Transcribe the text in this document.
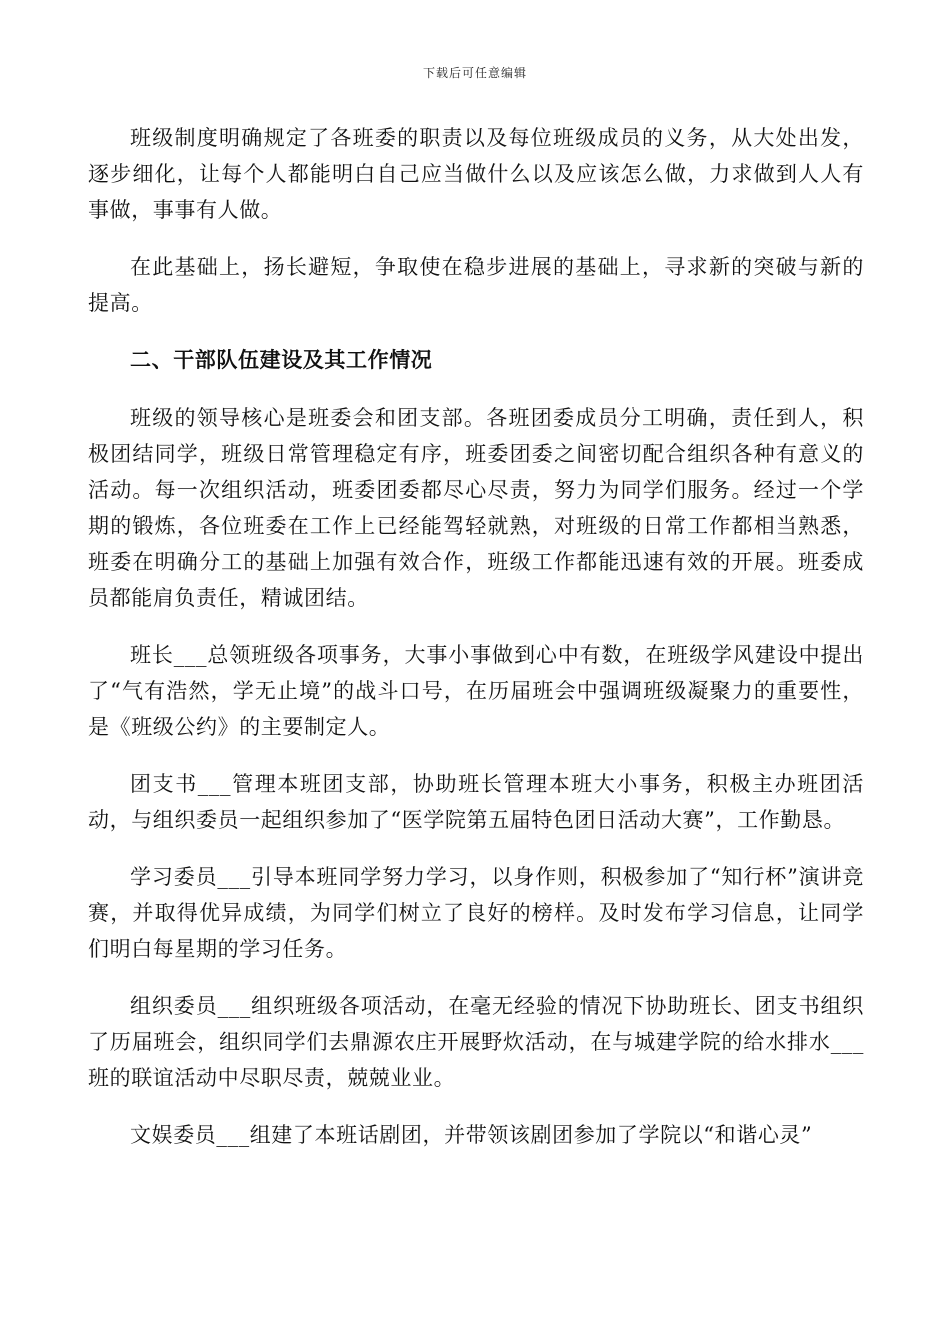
下载后可任意编辑

班级制度明确规定了各班委的职责以及每位班级成员的义务，从大处出发，逐步细化，让每个人都能明白自己应当做什么以及应该怎么做，力求做到人人有事做，事事有人做。

在此基础上，扬长避短，争取使在稳步进展的基础上，寻求新的突破与新的提高。

二、干部队伍建设及其工作情况

班级的领导核心是班委会和团支部。各班团委成员分工明确，责任到人，积极团结同学，班级日常管理稳定有序，班委团委之间密切配合组织各种有意义的活动。每一次组织活动，班委团委都尽心尽责，努力为同学们服务。经过一个学期的锻炼，各位班委在工作上已经能驾轻就熟，对班级的日常工作都相当熟悉，班委在明确分工的基础上加强有效合作，班级工作都能迅速有效的开展。班委成员都能肩负责任，精诚团结。

班长___总领班级各项事务，大事小事做到心中有数，在班级学风建设中提出了“气有浩然，学无止境”的战斗口号，在历届班会中强调班级凝聚力的重要性，是《班级公约》的主要制定人。

团支书___管理本班团支部，协助班长管理本班大小事务，积极主办班团活动，与组织委员一起组织参加了“医学院第五届特色团日活动大赛”，工作勤恳。

学习委员___引导本班同学努力学习，以身作则，积极参加了“知行杯”演讲竞赛，并取得优异成绩，为同学们树立了良好的榜样。及时发布学习信息，让同学们明白每星期的学习任务。

组织委员___组织班级各项活动，在毫无经验的情况下协助班长、团支书组织了历届班会，组织同学们去鼎源农庄开展野炊活动，在与城建学院的给水排水___班的联谊活动中尽职尽责，兢兢业业。

文娱委员___组建了本班话剧团，并带领该剧团参加了学院以“和谐心灵”
